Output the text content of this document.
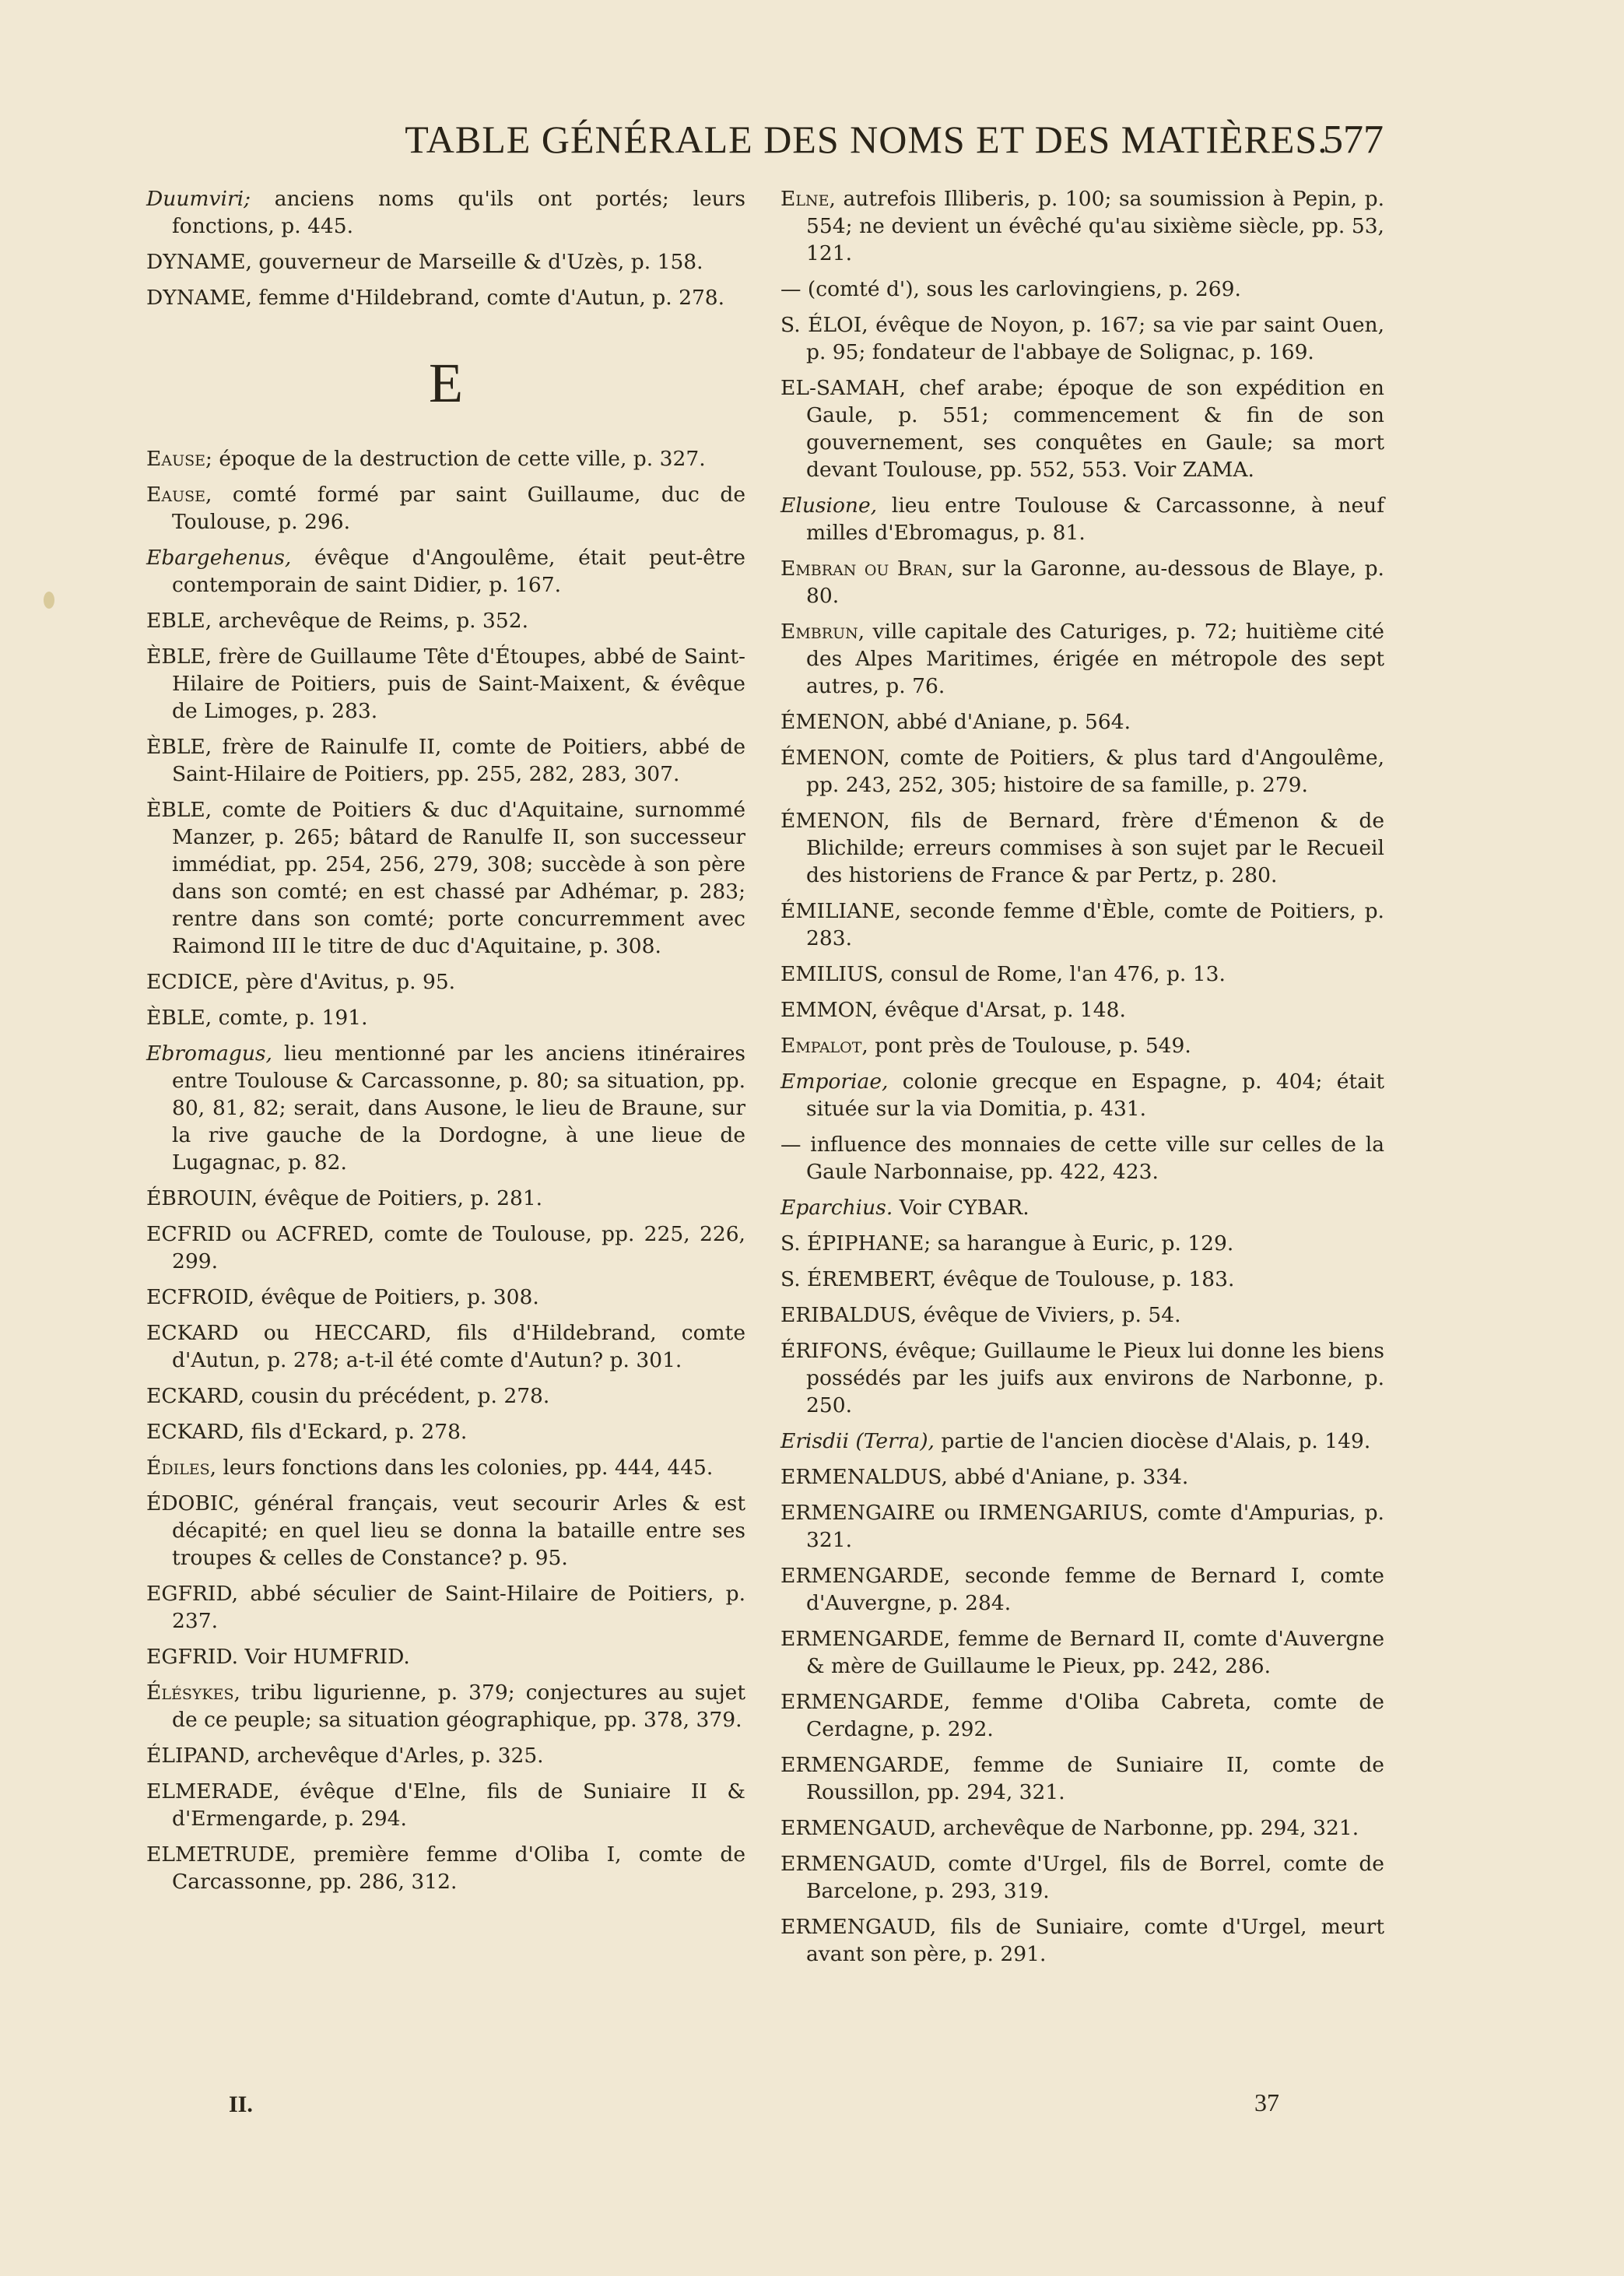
TABLE GÉNÉRALE DES NOMS ET DES MATIÈRES.
577

Duumviri; anciens noms qu'ils ont portés; leurs fonctions, p. 445.

DYNAME, gouverneur de Marseille & d'Uzès, p. 158.

DYNAME, femme d'Hildebrand, comte d'Autun, p. 278.

E

Eause; époque de la destruction de cette ville, p. 327.

Eause, comté formé par saint Guillaume, duc de Toulouse, p. 296.

Ebargehenus, évêque d'Angoulême, était peut-être contemporain de saint Didier, p. 167.

EBLE, archevêque de Reims, p. 352.

ÈBLE, frère de Guillaume Tête d'Étoupes, abbé de Saint-Hilaire de Poitiers, puis de Saint-Maixent, & évêque de Limoges, p. 283.

ÈBLE, frère de Rainulfe II, comte de Poitiers, abbé de Saint-Hilaire de Poitiers, pp. 255, 282, 283, 307.

ÈBLE, comte de Poitiers & duc d'Aquitaine, surnommé Manzer, p. 265; bâtard de Ranulfe II, son successeur immédiat, pp. 254, 256, 279, 308; succède à son père dans son comté; en est chassé par Adhémar, p. 283; rentre dans son comté; porte concurremment avec Raimond III le titre de duc d'Aquitaine, p. 308.

ECDICE, père d'Avitus, p. 95.

ÈBLE, comte, p. 191.

Ebromagus, lieu mentionné par les anciens itinéraires entre Toulouse & Carcassonne, p. 80; sa situation, pp. 80, 81, 82; serait, dans Ausone, le lieu de Braune, sur la rive gauche de la Dordogne, à une lieue de Lugagnac, p. 82.

ÉBROUIN, évêque de Poitiers, p. 281.

ECFRID ou ACFRED, comte de Toulouse, pp. 225, 226, 299.

ECFROID, évêque de Poitiers, p. 308.

ECKARD ou HECCARD, fils d'Hildebrand, comte d'Autun, p. 278; a-t-il été comte d'Autun? p. 301.

ECKARD, cousin du précédent, p. 278.

ECKARD, fils d'Eckard, p. 278.

Édiles, leurs fonctions dans les colonies, pp. 444, 445.

ÉDOBIC, général français, veut secourir Arles & est décapité; en quel lieu se donna la bataille entre ses troupes & celles de Constance? p. 95.

EGFRID, abbé séculier de Saint-Hilaire de Poitiers, p. 237.

EGFRID. Voir HUMFRID.

Élésykes, tribu ligurienne, p. 379; conjectures au sujet de ce peuple; sa situation géographique, pp. 378, 379.

ÉLIPAND, archevêque d'Arles, p. 325.

ELMERADE, évêque d'Elne, fils de Suniaire II & d'Ermengarde, p. 294.

ELMETRUDE, première femme d'Oliba I, comte de Carcassonne, pp. 286, 312.

Elne, autrefois Illiberis, p. 100; sa soumission à Pepin, p. 554; ne devient un évêché qu'au sixième siècle, pp. 53, 121.

— (comté d'), sous les carlovingiens, p. 269.

S. ÉLOI, évêque de Noyon, p. 167; sa vie par saint Ouen, p. 95; fondateur de l'abbaye de Solignac, p. 169.

EL-SAMAH, chef arabe; époque de son expédition en Gaule, p. 551; commencement & fin de son gouvernement, ses conquêtes en Gaule; sa mort devant Toulouse, pp. 552, 553. Voir ZAMA.

Elusione, lieu entre Toulouse & Carcassonne, à neuf milles d'Ebromagus, p. 81.

Embran ou Bran, sur la Garonne, au-dessous de Blaye, p. 80.

Embrun, ville capitale des Caturiges, p. 72; huitième cité des Alpes Maritimes, érigée en métropole des sept autres, p. 76.

ÉMENON, abbé d'Aniane, p. 564.

ÉMENON, comte de Poitiers, & plus tard d'Angoulême, pp. 243, 252, 305; histoire de sa famille, p. 279.

ÉMENON, fils de Bernard, frère d'Émenon & de Blichilde; erreurs commises à son sujet par le Recueil des historiens de France & par Pertz, p. 280.

ÉMILIANE, seconde femme d'Èble, comte de Poitiers, p. 283.

EMILIUS, consul de Rome, l'an 476, p. 13.

EMMON, évêque d'Arsat, p. 148.

Empalot, pont près de Toulouse, p. 549.

Emporiae, colonie grecque en Espagne, p. 404; était située sur la via Domitia, p. 431.

— influence des monnaies de cette ville sur celles de la Gaule Narbonnaise, pp. 422, 423.

Eparchius. Voir CYBAR.

S. ÉPIPHANE; sa harangue à Euric, p. 129.

S. ÉREMBERT, évêque de Toulouse, p. 183.

ERIBALDUS, évêque de Viviers, p. 54.

ÉRIFONS, évêque; Guillaume le Pieux lui donne les biens possédés par les juifs aux environs de Narbonne, p. 250.

Erisdii (Terra), partie de l'ancien diocèse d'Alais, p. 149.

ERMENALDUS, abbé d'Aniane, p. 334.

ERMENGAIRE ou IRMENGARIUS, comte d'Ampurias, p. 321.

ERMENGARDE, seconde femme de Bernard I, comte d'Auvergne, p. 284.

ERMENGARDE, femme de Bernard II, comte d'Auvergne & mère de Guillaume le Pieux, pp. 242, 286.

ERMENGARDE, femme d'Oliba Cabreta, comte de Cerdagne, p. 292.

ERMENGARDE, femme de Suniaire II, comte de Roussillon, pp. 294, 321.

ERMENGAUD, archevêque de Narbonne, pp. 294, 321.

ERMENGAUD, comte d'Urgel, fils de Borrel, comte de Barcelone, p. 293, 319.

ERMENGAUD, fils de Suniaire, comte d'Urgel, meurt avant son père, p. 291.

II.	37
